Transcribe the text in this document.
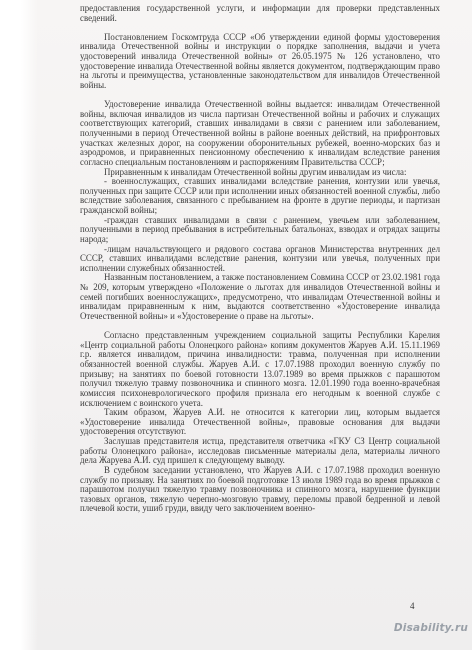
предоставления государственной услуги, и информации для проверки представленных сведений.

Постановлением Госкомтруда СССР «Об утверждении единой формы удостоверения инвалида Отечественной войны и инструкции о порядке заполнения, выдачи и учета удостоверений инвалида Отечественной войны» от 26.05.1975 № 126 установлено, что удостоверение инвалида Отечественной войны является документом, подтверждающим право на льготы и преимущества, установленные законодательством для инвалидов Отечественной войны.

Удостоверение инвалида Отечественной войны выдается: инвалидам Отечественной войны, включая инвалидов из числа партизан Отечественной войны и рабочих и служащих соответствующих категорий, ставших инвалидами в связи с ранением или заболеванием, полученными в период Отечественной войны в районе военных действий, на прифронтовых участках железных дорог, на сооружении оборонительных рубежей, военно-морских баз и аэродромов, и приравненных пенсионному обеспечению к инвалидам вследствие ранения согласно специальным постановлениям и распоряжениям Правительства СССР;

Приравненным к инвалидам Отечественной войны другим инвалидам из числа:

- военнослужащих, ставших инвалидами вследствие ранения, контузии или увечья, полученных при защите СССР или при исполнении иных обязанностей военной службы, либо вследствие заболевания, связанного с пребыванием на фронте в другие периоды, и партизан гражданской войны;

-граждан ставших инвалидами в связи с ранением, увечьем или заболеванием, полученными в период пребывания в истребительных батальонах, взводах и отрядах защиты народа;

-лицам начальствующего и рядового состава органов Министерства внутренних дел СССР, ставших инвалидами вследствие ранения, контузии или увечья, полученных при исполнении служебных обязанностей.

Названным постановлением, а также постановлением Совмина СССР от 23.02.1981 года № 209, которым утверждено «Положение о льготах для инвалидов Отечественной войны и семей погибших военнослужащих», предусмотрено, что инвалидам Отечественной войны и инвалидам приравненным к ним, выдаются соответственно «Удостоверение инвалида Отечественной войны» и «Удостоверение о праве на льготы».

Согласно представленным учреждением социальной защиты Республики Карелия «Центр социальной работы Олонецкого района» копиям документов Жаруев А.И. 15.11.1969 г.р. является инвалидом, причина инвалидности: травма, полученная при исполнении обязанностей военной службы. Жаруев А.И. с 17.07.1988 проходил военную службу по призыву; на занятиях по боевой готовности 13.07.1989 во время прыжков с парашютом получил тяжелую травму позвоночника и спинного мозга. 12.01.1990 года военно-врачебная комиссия психоневрологического профиля признала его негодным к военной службе с исключением с воинского учета.

Таким образом, Жаруев А.И. не относится к категории лиц, которым выдается «Удостоверение инвалида Отечественной войны», правовые основания для выдачи удостоверения отсутствуют.

Заслушав представителя истца, представителя ответчика «ГКУ СЗ Центр социальной работы Олонецкого района», исследовав письменные материалы дела, материалы личного дела Жаруева А.И. суд пришел к следующему выводу.

В судебном заседании установлено, что Жаруев А.И. с 17.07.1988 проходил военную службу по призыву. На занятиях по боевой подготовке 13 июля 1989 года во время прыжков с парашютом получил тяжелую травму позвоночника и спинного мозга, нарушение функции тазовых органов, тяжелую черепно-мозговую травму, переломы правой бедренной и левой плечевой кости, ушиб груди, ввиду чего заключением военно-

4
Disability.ru
